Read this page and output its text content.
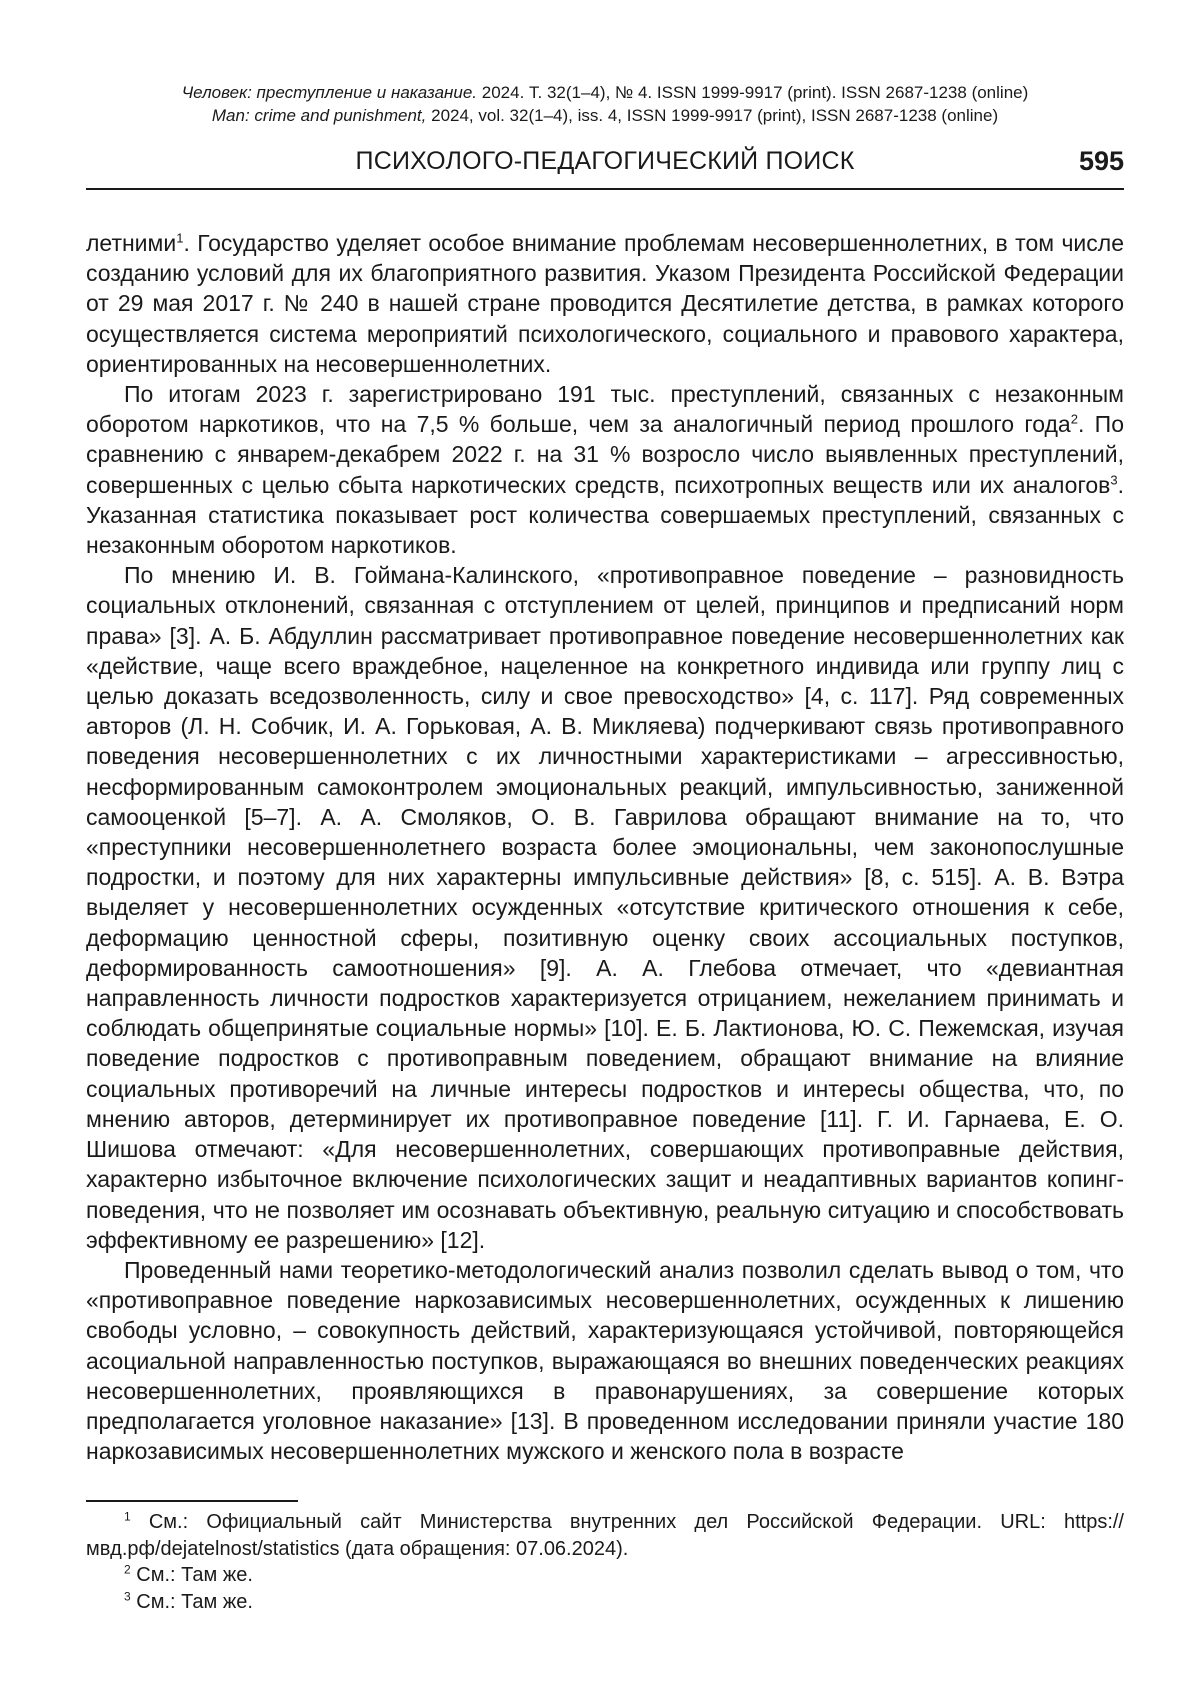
Человек: преступление и наказание. 2024. Т. 32(1–4), № 4. ISSN 1999-9917 (print). ISSN 2687-1238 (online)
Man: crime and punishment, 2024, vol. 32(1–4), iss. 4, ISSN 1999-9917 (print), ISSN 2687-1238 (online)
ПСИХОЛОГО-ПЕДАГОГИЧЕСКИЙ ПОИСК	595

летними$^1$. Государство уделяет особое внимание проблемам несовершеннолетних, в том числе созданию условий для их благоприятного развития. Указом Президента Российской Федерации от 29 мая 2017 г. № 240 в нашей стране проводится Десятилетие детства, в рамках которого осуществляется система мероприятий психологического, социального и правового характера, ориентированных на несовершеннолетних.

По итогам 2023 г. зарегистрировано 191 тыс. преступлений, связанных с незаконным оборотом наркотиков, что на 7,5 % больше, чем за аналогичный период прошлого года$^2$. По сравнению с январем-декабрем 2022 г. на 31 % возросло число выявленных преступлений, совершенных с целью сбыта наркотических средств, психотропных веществ или их аналогов$^3$. Указанная статистика показывает рост количества совершаемых преступлений, связанных с незаконным оборотом наркотиков.

По мнению И. В. Гоймана-Калинского, «противоправное поведение – разновидность социальных отклонений, связанная с отступлением от целей, принципов и предписаний норм права» [3]. А. Б. Абдуллин рассматривает противоправное поведение несовершеннолетних как «действие, чаще всего враждебное, нацеленное на конкретного индивида или группу лиц с целью доказать вседозволенность, силу и свое превосходство» [4, с. 117]. Ряд современных авторов (Л. Н. Собчик, И. А. Горьковая, А. В. Микляева) подчеркивают связь противоправного поведения несовершеннолетних с их личностными характеристиками – агрессивностью, несформированным самоконтролем эмоциональных реакций, импульсивностью, заниженной самооценкой [5–7]. А. А. Смоляков, О. В. Гаврилова обращают внимание на то, что «преступники несовершеннолетнего возраста более эмоциональны, чем законопослушные подростки, и поэтому для них характерны импульсивные действия» [8, с. 515]. А. В. Вэтра выделяет у несовершеннолетних осужденных «отсутствие критического отношения к себе, деформацию ценностной сферы, позитивную оценку своих ассоциальных поступков, деформированность самоотношения» [9]. А. А. Глебова отмечает, что «девиантная направленность личности подростков характеризуется отрицанием, нежеланием принимать и соблюдать общепринятые социальные нормы» [10]. Е. Б. Лактионова, Ю. С. Пежемская, изучая поведение подростков с противоправным поведением, обращают внимание на влияние социальных противоречий на личные интересы подростков и интересы общества, что, по мнению авторов, детерминирует их противоправное поведение [11]. Г. И. Гарнаева, Е. О. Шишова отмечают: «Для несовершеннолетних, совершающих противоправные действия, характерно избыточное включение психологических защит и неадаптивных вариантов копинг-поведения, что не позволяет им осознавать объективную, реальную ситуацию и способствовать эффективному ее разрешению» [12].

Проведенный нами теоретико-методологический анализ позволил сделать вывод о том, что «противоправное поведение наркозависимых несовершеннолетних, осужденных к лишению свободы условно, – совокупность действий, характеризующаяся устойчивой, повторяющейся асоциальной направленностью поступков, выражающаяся во внешних поведенческих реакциях несовершеннолетних, проявляющихся в правонарушениях, за совершение которых предполагается уголовное наказание» [13]. В проведенном исследовании приняли участие 180 наркозависимых несовершеннолетних мужского и женского пола в возрасте

$^1$ См.: Официальный сайт Министерства внутренних дел Российской Федерации. URL: https://мвд.рф/dejatelnost/statistics (дата обращения: 07.06.2024).

$^2$ См.: Там же.

$^3$ См.: Там же.
